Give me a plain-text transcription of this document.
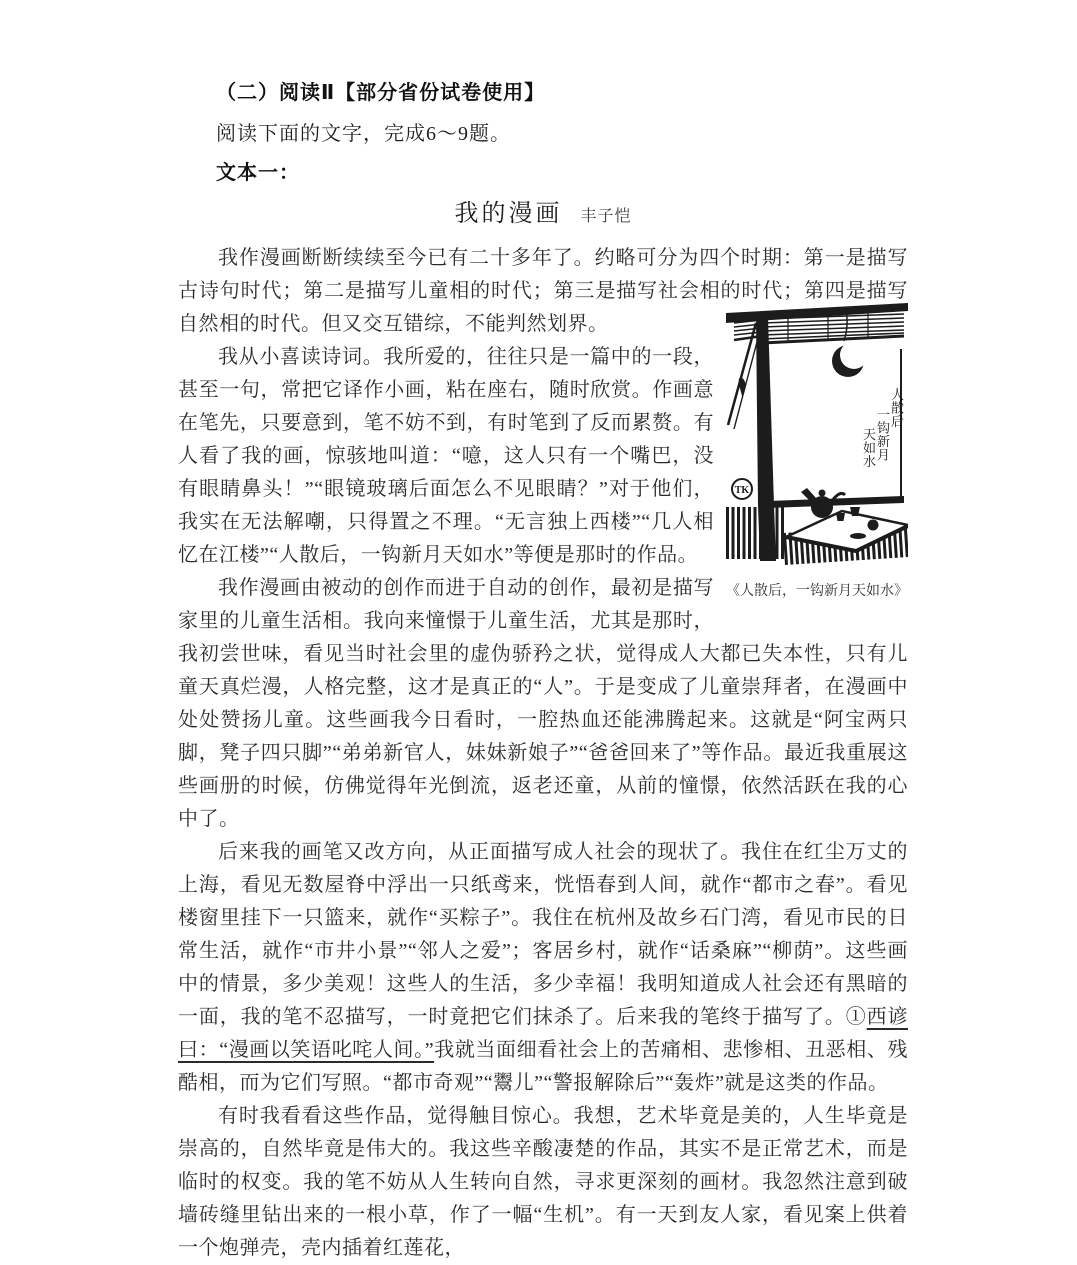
（二）阅读Ⅱ【部分省份试卷使用】

阅读下面的文字，完成6～9题。

文本一：

我的漫画 丰子恺

我作漫画断断续续至今已有二十多年了。约略可分为四个时期：第一是描写古诗句时代；第二是描写儿童相的时代；第三是描写社会相的时代；第四是描写自然相的时代。但又交互错综，不能判然划界。

人散后
一钩新月
天如水
TK
《人散后，一钩新月天如水》

我从小喜读诗词。我所爱的，往往只是一篇中的一段，甚至一句，常把它译作小画，粘在座右，随时欣赏。作画意在笔先，只要意到，笔不妨不到，有时笔到了反而累赘。有人看了我的画，惊骇地叫道：“噫，这人只有一个嘴巴，没有眼睛鼻头！”“眼镜玻璃后面怎么不见眼睛？”对于他们，我实在无法解嘲，只得置之不理。“无言独上西楼”“几人相忆在江楼”“人散后，一钩新月天如水”等便是那时的作品。

我作漫画由被动的创作而进于自动的创作，最初是描写家里的儿童生活相。我向来憧憬于儿童生活，尤其是那时，我初尝世味，看见当时社会里的虚伪骄矜之状，觉得成人大都已失本性，只有儿童天真烂漫，人格完整，这才是真正的“人”。于是变成了儿童崇拜者，在漫画中处处赞扬儿童。这些画我今日看时，一腔热血还能沸腾起来。这就是“阿宝两只脚，凳子四只脚”“弟弟新官人，妹妹新娘子”“爸爸回来了”等作品。最近我重展这些画册的时候，仿佛觉得年光倒流，返老还童，从前的憧憬，依然活跃在我的心中了。

后来我的画笔又改方向，从正面描写成人社会的现状了。我住在红尘万丈的上海，看见无数屋脊中浮出一只纸鸢来，恍悟春到人间，就作“都市之春”。看见楼窗里挂下一只篮来，就作“买粽子”。我住在杭州及故乡石门湾，看见市民的日常生活，就作“市井小景”“邻人之爱”；客居乡村，就作“话桑麻”“柳荫”。这些画中的情景，多少美观！这些人的生活，多少幸福！我明知道成人社会还有黑暗的一面，我的笔不忍描写，一时竟把它们抹杀了。后来我的笔终于描写了。①西谚曰：“漫画以笑语叱咤人间。”我就当面细看社会上的苦痛相、悲惨相、丑恶相、残酷相，而为它们写照。“都市奇观”“鬻儿”“警报解除后”“轰炸”就是这类的作品。

有时我看看这些作品，觉得触目惊心。我想，艺术毕竟是美的，人生毕竟是崇高的，自然毕竟是伟大的。我这些辛酸凄楚的作品，其实不是正常艺术，而是临时的权变。我的笔不妨从人生转向自然，寻求更深刻的画材。我忽然注意到破墙砖缝里钻出来的一根小草，作了一幅“生机”。有一天到友人家，看见案上供着一个炮弹壳，壳内插着红莲花，
